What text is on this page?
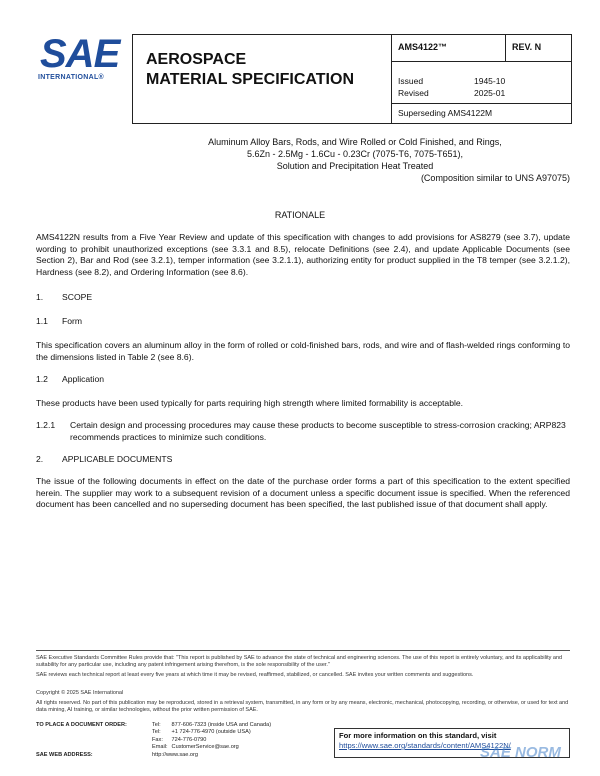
SAE
INTERNATIONAL®
AEROSPACE
MATERIAL SPECIFICATION
AMS4122™	REV. N
Issued	1945-10
Revised	2025-01
Superseding AMS4122M
Aluminum Alloy Bars, Rods, and Wire Rolled or Cold Finished, and Rings,
5.6Zn - 2.5Mg - 1.6Cu - 0.23Cr (7075-T6, 7075-T651),
Solution and Precipitation Heat Treated
(Composition similar to UNS A97075)
RATIONALE
AMS4122N results from a Five Year Review and update of this specification with changes to add provisions for AS8279 (see 3.7), update wording to prohibit unauthorized exceptions (see 3.3.1 and 8.5), relocate Definitions (see 2.4), and update Applicable Documents (see Section 2), Bar and Rod (see 3.2.1), temper information (see 3.2.1.1), authorizing entity for product supplied in the T8 temper (see 3.2.1.2), Hardness (see 8.2), and Ordering Information (see 8.6).
1. SCOPE
1.1 Form
This specification covers an aluminum alloy in the form of rolled or cold-finished bars, rods, and wire and of flash-welded rings conforming to the dimensions listed in Table 2 (see 8.6).
1.2 Application
These products have been used typically for parts requiring high strength where limited formability is acceptable.
1.2.1 Certain design and processing procedures may cause these products to become susceptible to stress-corrosion cracking; ARP823 recommends practices to minimize such conditions.
2. APPLICABLE DOCUMENTS
The issue of the following documents in effect on the date of the purchase order forms a part of this specification to the extent specified herein. The supplier may work to a subsequent revision of a document unless a specific document issue is specified. When the referenced document has been cancelled and no superseding document has been specified, the last published issue of that document shall apply.
SAE Executive Standards Committee Rules provide that: "This report is published by SAE to advance the state of technical and engineering sciences. The use of this report is entirely voluntary, and its applicability and suitability for any particular use, including any patent infringement arising therefrom, is the sole responsibility of the user."
SAE reviews each technical report at least every five years at which time it may be revised, reaffirmed, stabilized, or cancelled. SAE invites your written comments and suggestions.
Copyright © 2025 SAE International
All rights reserved. No part of this publication may be reproduced, stored in a retrieval system, transmitted, in any form or by any means, electronic, mechanical, photocopying, recording, or otherwise, or used for text and data mining, AI training, or similar technologies, without the prior written permission of SAE.
TO PLACE A DOCUMENT ORDER:	Tel:	877-606-7323 (inside USA and Canada)
	Tel:	+1 724-776-4970 (outside USA)
	Fax:	724-776-0790
	Email:	CustomerService@sae.org
SAE WEB ADDRESS:	http://www.sae.org	
For more information on this standard, visit
https://www.sae.org/standards/content/AMS4122N/
SAE NORM
